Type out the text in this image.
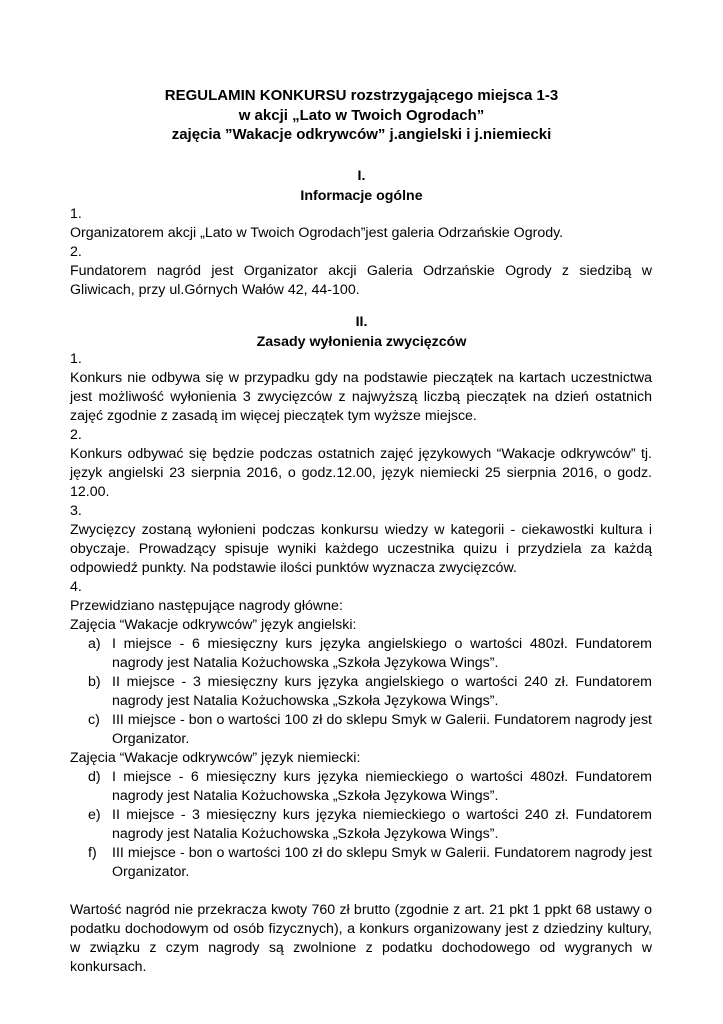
REGULAMIN KONKURSU rozstrzygającego miejsca 1-3
w akcji „Lato w Twoich Ogrodach”
zajęcia ”Wakacje odkrywców” j.angielski i j.niemiecki
I.
Informacje ogólne

1.

Organizatorem akcji „Lato w Twoich Ogrodach”jest galeria Odrzańskie Ogrody.

2.

Fundatorem nagród jest Organizator akcji Galeria Odrzańskie Ogrody z siedzibą w Gliwicach, przy ul.Górnych Wałów 42, 44-100.

II.
Zasady wyłonienia zwycięzców

1.

Konkurs nie odbywa się w przypadku gdy na podstawie pieczątek na kartach uczestnictwa jest możliwość wyłonienia 3 zwycięzców z najwyższą liczbą pieczątek na dzień ostatnich zajęć zgodnie z zasadą im więcej pieczątek tym wyższe miejsce.

2.

Konkurs odbywać się będzie podczas ostatnich zajęć językowych “Wakacje odkrywców” tj. język angielski 23 sierpnia 2016, o godz.12.00, język niemiecki 25 sierpnia 2016, o godz. 12.00.

3.

Zwycięzcy zostaną wyłonieni podczas konkursu wiedzy w kategorii - ciekawostki kultura i obyczaje. Prowadzący spisuje wyniki każdego uczestnika quizu i przydziela za każdą odpowiedź punkty. Na podstawie ilości punktów wyznacza zwycięzców.

4.

Przewidziano następujące nagrody główne:

Zajęcia “Wakacje odkrywców” język angielski:

a) I miejsce - 6 miesięczny kurs języka angielskiego o wartości 480zł. Fundatorem nagrody jest Natalia Kożuchowska „Szkoła Językowa Wings”.
b) II miejsce - 3 miesięczny kurs języka angielskiego o wartości 240 zł. Fundatorem nagrody jest Natalia Kożuchowska „Szkoła Językowa Wings”.
c) III miejsce - bon o wartości 100 zł do sklepu Smyk w Galerii. Fundatorem nagrody jest Organizator.

Zajęcia “Wakacje odkrywców” język niemiecki:

d) I miejsce - 6 miesięczny kurs języka niemieckiego o wartości 480zł. Fundatorem nagrody jest Natalia Kożuchowska „Szkoła Językowa Wings”.
e) II miejsce - 3 miesięczny kurs języka niemieckiego o wartości 240 zł. Fundatorem nagrody jest Natalia Kożuchowska „Szkoła Językowa Wings”.
f) III miejsce - bon o wartości 100 zł do sklepu Smyk w Galerii. Fundatorem nagrody jest Organizator.

Wartość nagród nie przekracza kwoty 760 zł brutto (zgodnie z art. 21 pkt 1 ppkt 68 ustawy o podatku dochodowym od osób fizycznych), a konkurs organizowany jest z dziedziny kultury, w związku z czym nagrody są zwolnione z podatku dochodowego od wygranych w konkursach.
